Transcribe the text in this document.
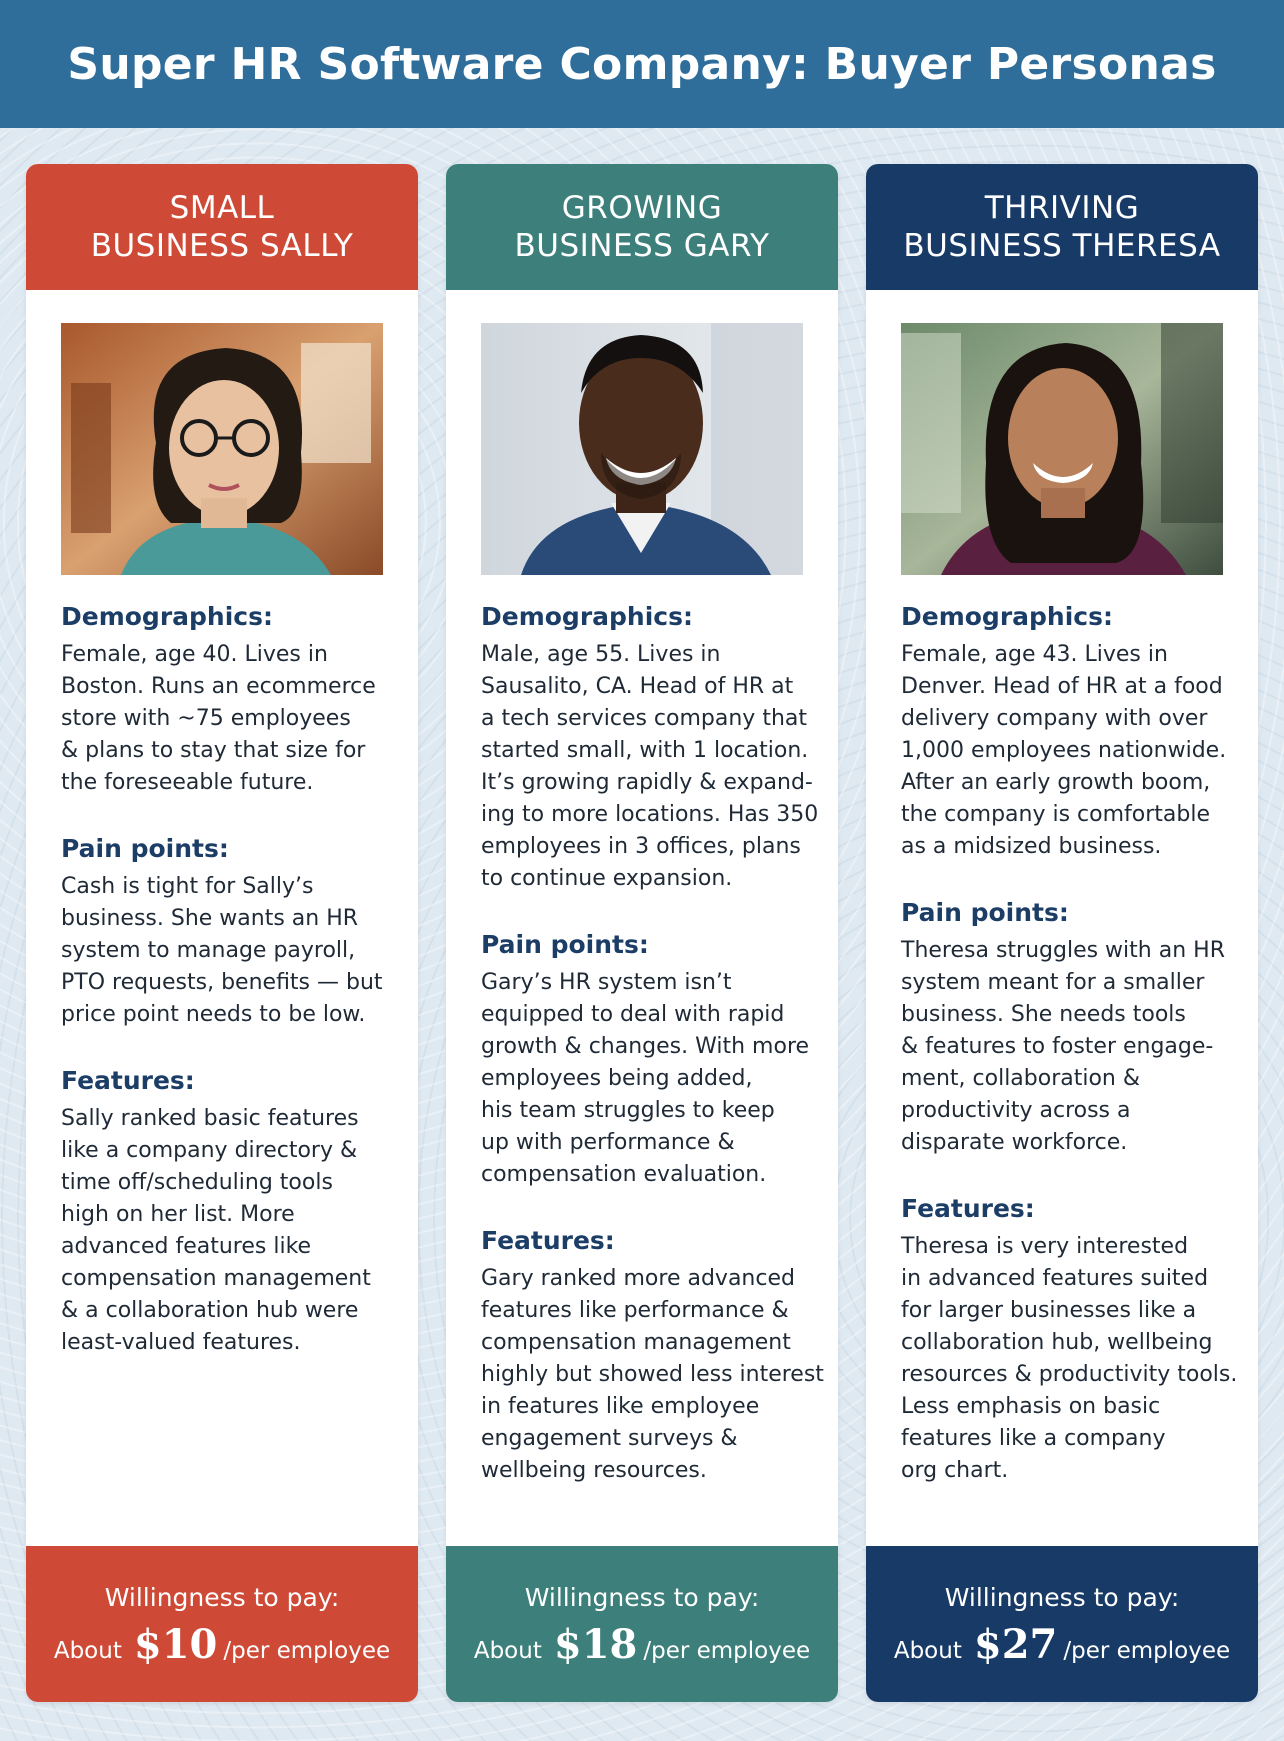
Super HR Software Company: Buyer Personas
SMALL
BUSINESS SALLY
Demographics:
Female, age 40. Lives in
Boston. Runs an ecommerce
store with ~75 employees
& plans to stay that size for
the foreseeable future.
Pain points:
Cash is tight for Sally’s
business. She wants an HR
system to manage payroll,
PTO requests, benefits — but
price point needs to be low.
Features:
Sally ranked basic features
like a company directory &
time off/scheduling tools
high on her list. More
advanced features like
compensation management
& a collaboration hub were
least-valued features.
Willingness to pay:
About $10 /per employee
GROWING
BUSINESS GARY
Demographics:
Male, age 55. Lives in
Sausalito, CA. Head of HR at
a tech services company that
started small, with 1 location.
It’s growing rapidly & expand-
ing to more locations. Has 350
employees in 3 offices, plans
to continue expansion.
Pain points:
Gary’s HR system isn’t
equipped to deal with rapid
growth & changes. With more
employees being added,
his team struggles to keep
up with performance &
compensation evaluation.
Features:
Gary ranked more advanced
features like performance &
compensation management
highly but showed less interest
in features like employee
engagement surveys &
wellbeing resources.
Willingness to pay:
About $18 /per employee
THRIVING
BUSINESS THERESA
Demographics:
Female, age 43. Lives in
Denver. Head of HR at a food
delivery company with over
1,000 employees nationwide.
After an early growth boom,
the company is comfortable
as a midsized business.
Pain points:
Theresa struggles with an HR
system meant for a smaller
business. She needs tools
& features to foster engage-
ment, collaboration &
productivity across a
disparate workforce.
Features:
Theresa is very interested
in advanced features suited
for larger businesses like a
collaboration hub, wellbeing
resources & productivity tools.
Less emphasis on basic
features like a company
org chart.
Willingness to pay:
About $27 /per employee
